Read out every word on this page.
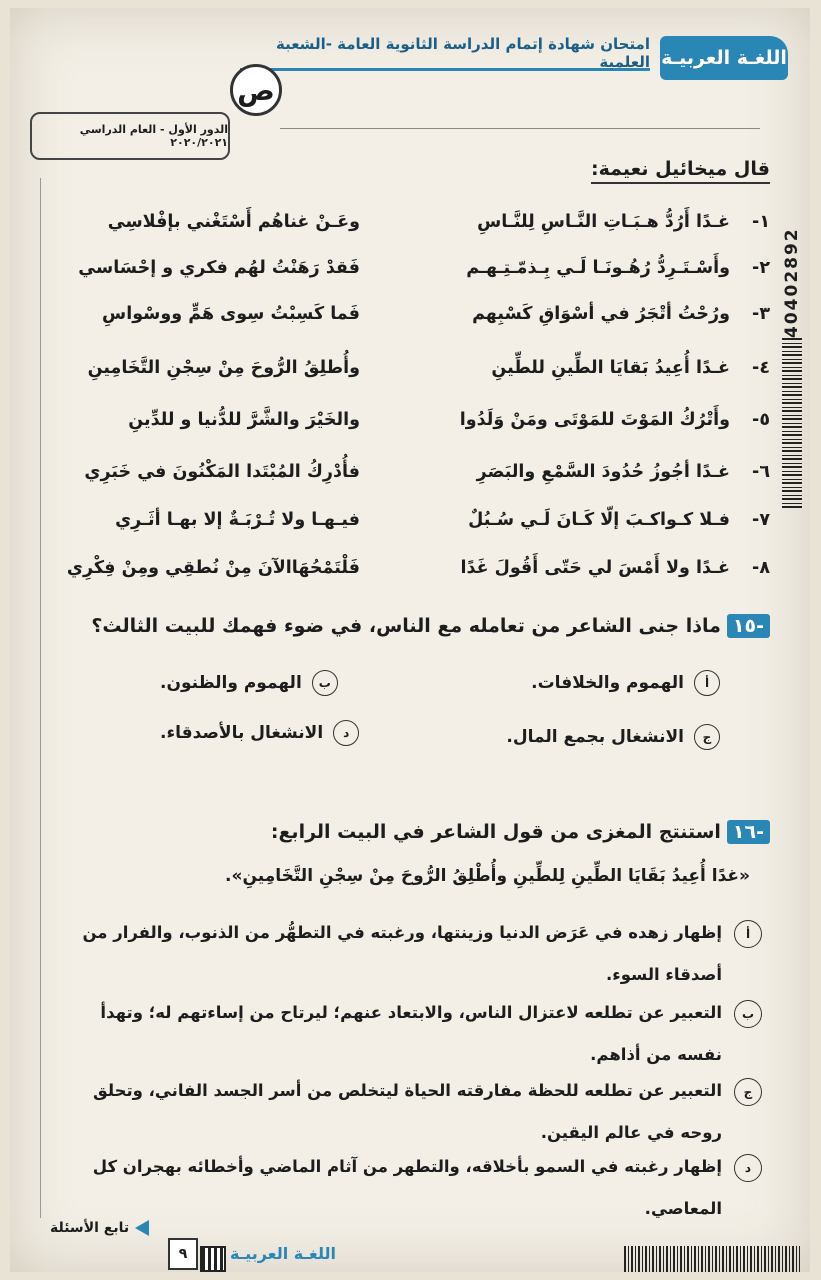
اللغـة العربيـة
امتحان شهادة إتمام الدراسة الثانوية العامة -الشعبة العلمية
ص
الدور الأول - العام الدراسي ٢٠٢٠/٢٠٢١
40402892
قال ميخائيل نعيمة:
١-
غـدًا أَرُدُّ هـبَـاتِ النَّـاسِ لِلنَّـاسِ
وعَـنْ غناهُم أَسْتَغْني بإفْلاسِي
٢-
وأَسْـتَـرِدُّ رُهُـونَـا لَـي بِـذمّـتِـهـم
فَقدْ رَهَنْتُ لهُم فكري و إحْسَاسي
٣-
ورُحْتُ أتْجَرُ في أسْوَاقِ كَسْبِهم
فَما كَسِبْتُ سِوى هَمٍّ ووسْواسِ
٤-
غـدًا أُعِيدُ بَقايَا الطِّينِ للطِّينِ
وأُطلِقُ الرُّوحَ مِنْ سِجْنِ التَّخَامِينِ
٥-
وأَتْرُكُ المَوْتَ للمَوْتَى ومَنْ وَلَدُوا
والخَيْرَ والشَّرَّ للدُّنيا و للدِّينِ
٦-
غـدًا أجُوزُ حُدُودَ السَّمْعِ والبَصَرِ
فأُدْرِكُ المُبْتَدا المَكْنُونَ في خَبَرِي
٧-
فـلا كـواكـبَ إلّا كَـانَ لَـي سُـبُلٌ
فيـهـا ولا تُـرْبَـةٌ إلا بهـا أثَـرِي
٨-
غـدًا ولا أَمْسَ لي حَتّى أَقُولَ غَدًا
فَلْتَمْحُهَاالآنَ مِنْ نُطقِي ومِنْ فِكْرِي
-١٥ماذا جنى الشاعر من تعامله مع الناس، في ضوء فهمك للبيت الثالث؟
أ
الهموم والخلافات.
ب
الهموم والظنون.
ج
الانشغال بجمع المال.
د
الانشغال بالأصدقاء.
-١٦استنتج المغزى من قول الشاعر في البيت الرابع:
«غدًا أُعِيدُ بَقَايَا الطِّينِ لِلطِّينِ وأُطْلِقُ الرُّوحَ مِنْ سِجْنِ التَّخَامِينِ».
أ
إظهار زهده في عَرَض الدنيا وزينتها، ورغبته في التطهُّر من الذنوب، والفرار من أصدقاء السوء.
ب
التعبير عن تطلعه لاعتزال الناس، والابتعاد عنهم؛ ليرتاح من إساءتهم له؛ وتهدأ نفسه من أذاهم.
ج
التعبير عن تطلعه للحظة مفارقته الحياة ليتخلص من أسر الجسد الفاني، وتحلق روحه في عالم اليقين.
د
إظهار رغبته في السمو بأخلاقه، والتطهر من آثام الماضي وأخطائه بهجران كل المعاصي.
تابع الأسئلة
٩	اللغـة العربيـة
